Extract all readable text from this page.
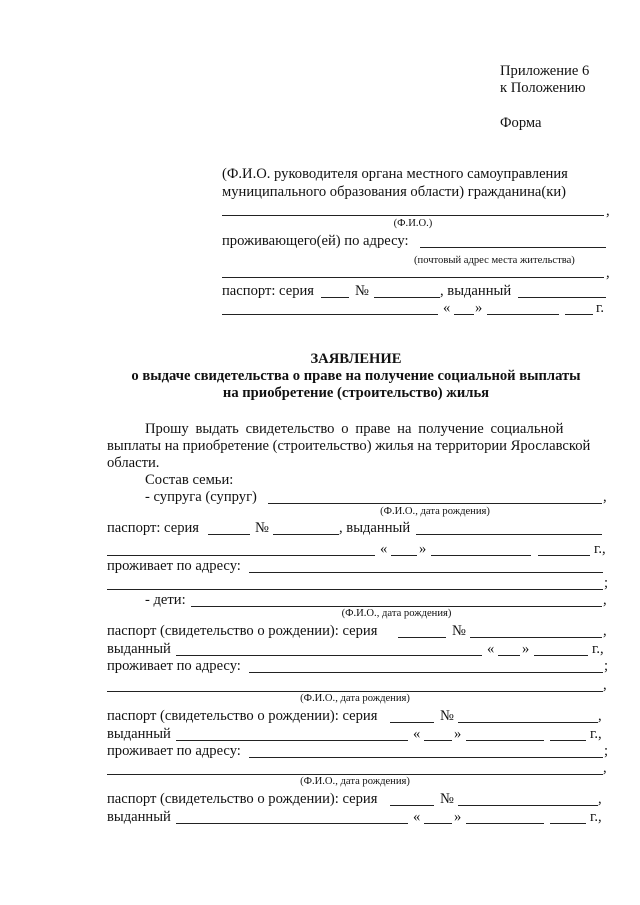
Приложение 6
к Положению
Форма
(Ф.И.О. руководителя органа местного самоуправления
муниципального образования области) гражданина(ки)
,
(Ф.И.О.)
проживающего(ей) по адресу:
(почтовый адрес места жительства)
,
паспорт: серия	№	, выданный
« »	г.
ЗАЯВЛЕНИЕ
о выдаче свидетельства о праве на получение социальной выплаты
на приобретение (строительство) жилья
Прошу выдать свидетельство о праве на получение социальной
выплаты на приобретение (строительство) жилья на территории Ярославской
области.
Состав семьи:
- супруга (супруг)	,
(Ф.И.О., дата рождения)
паспорт: серия	№	, выданный
« »	г.,
проживает по адресу:
;
- дети:	,
(Ф.И.О., дата рождения)
паспорт (свидетельство о рождении): серия	№	,
выданный	« »	г.,
проживает по адресу:	;
,
(Ф.И.О., дата рождения)
паспорт (свидетельство о рождении): серия	№	,
выданный	« »	г.,
проживает по адресу:	;
,
(Ф.И.О., дата рождения)
паспорт (свидетельство о рождении): серия	№	,
выданный	« »	г.,
